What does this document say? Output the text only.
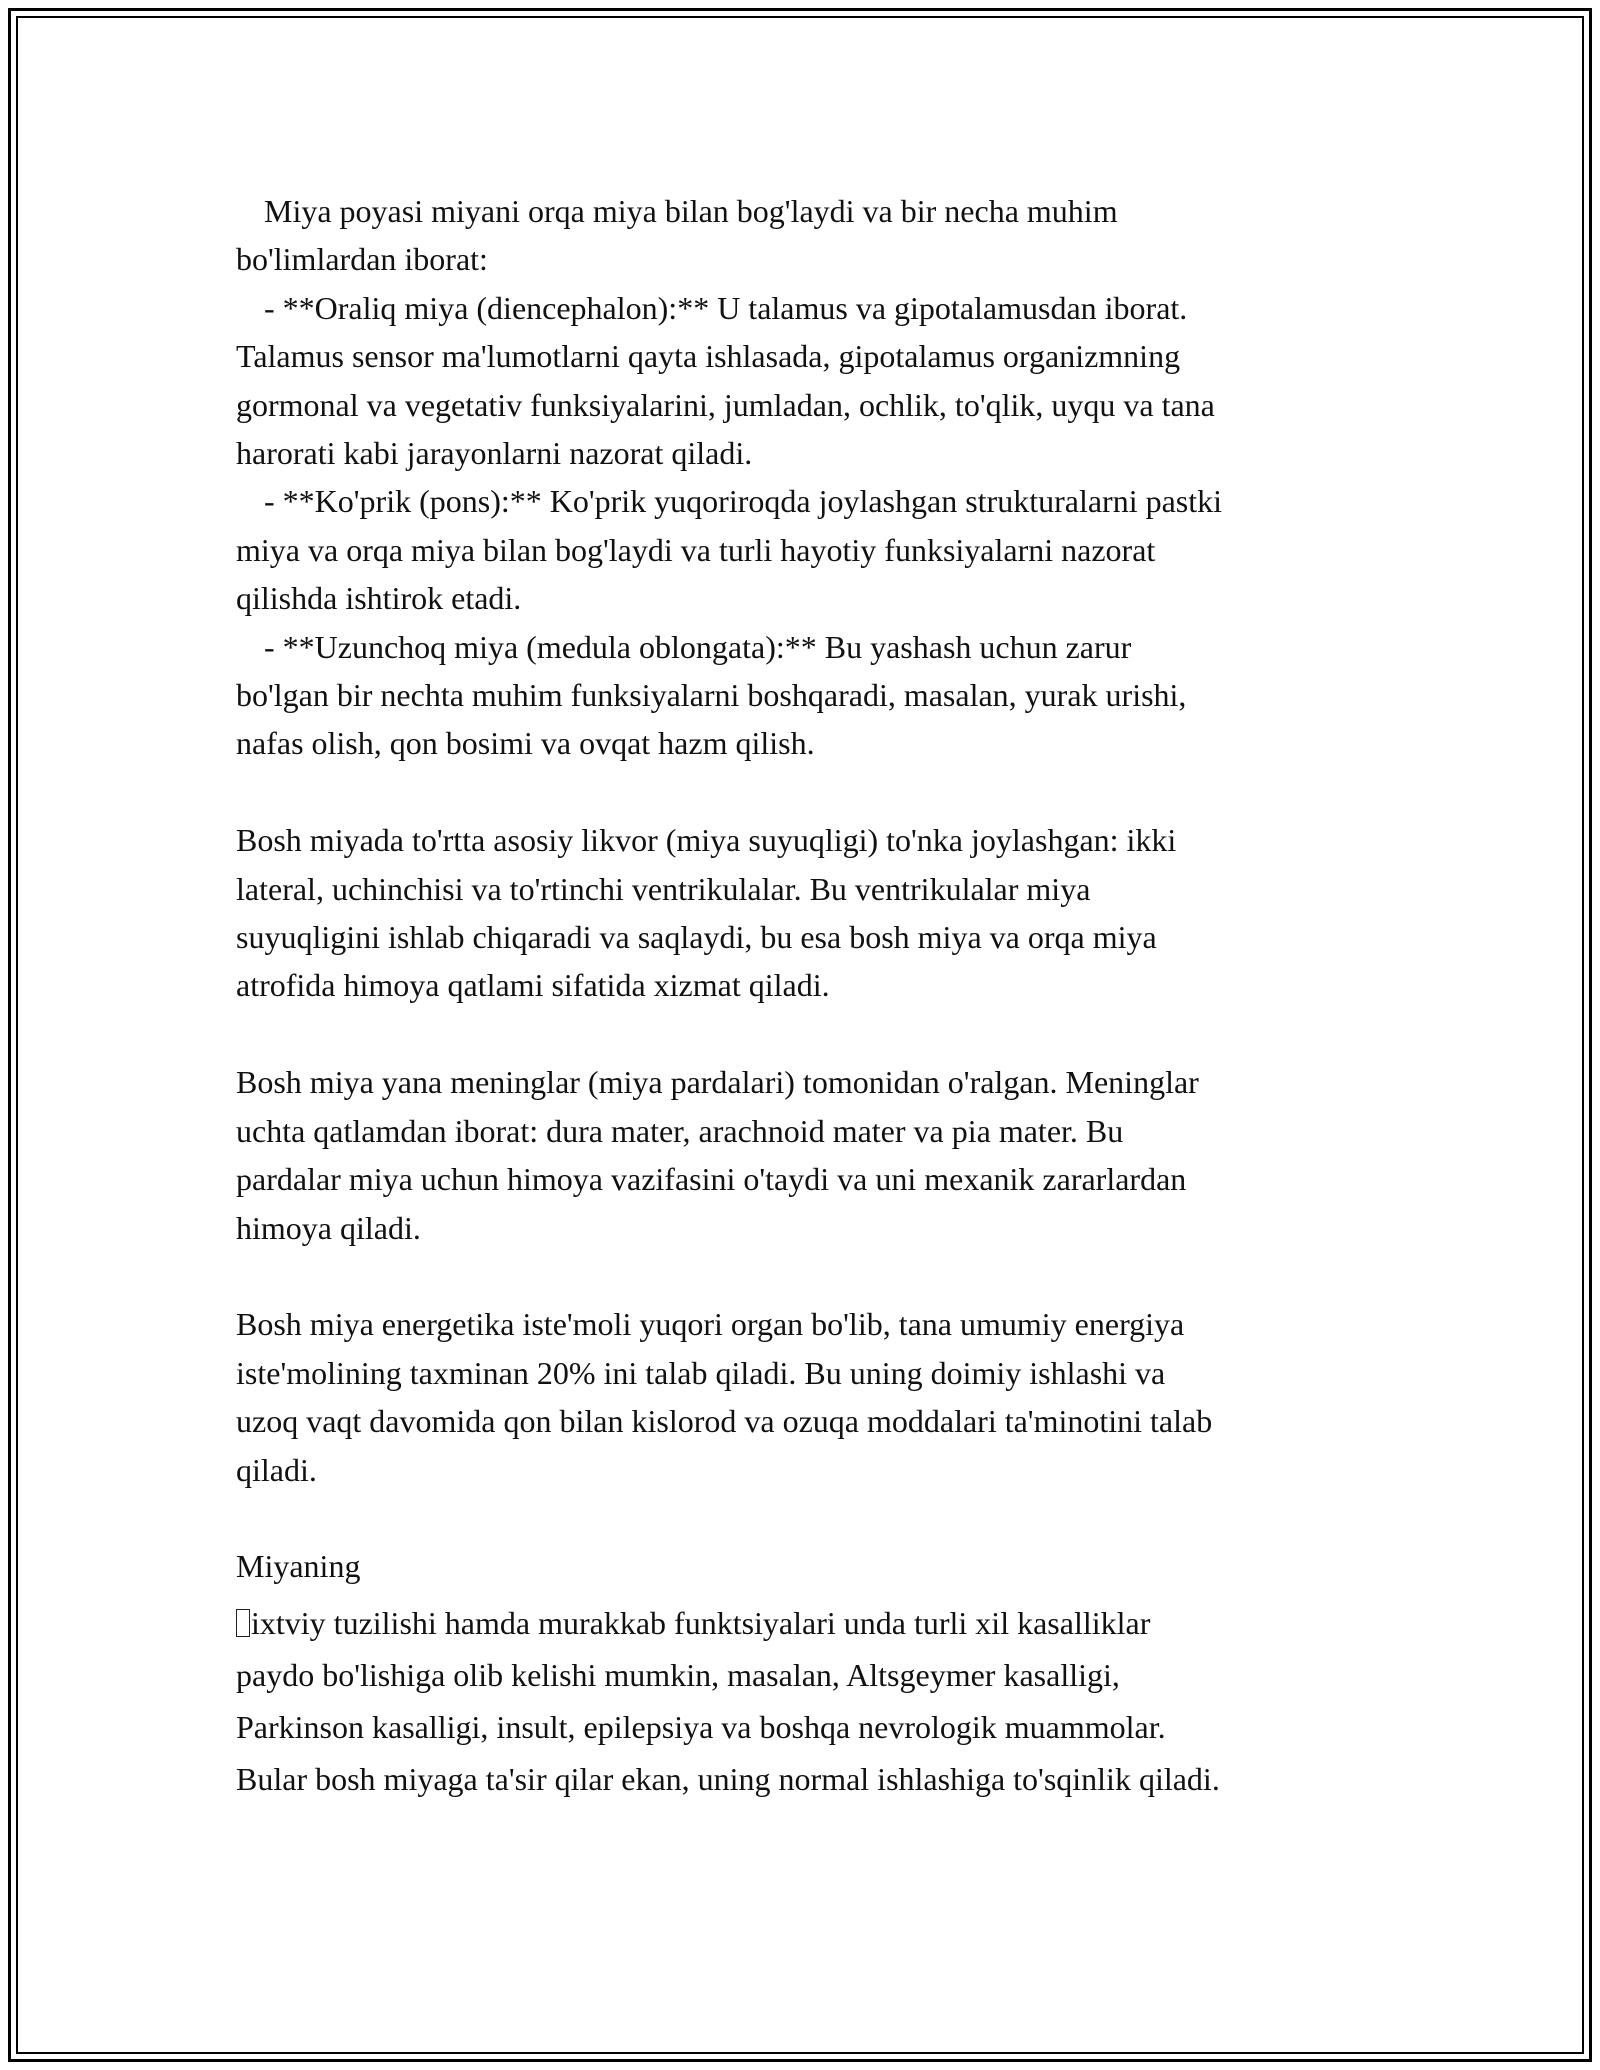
Miya poyasi miyani orqa miya bilan bog'laydi va bir necha muhim
bo'limlardan iborat:
- **Oraliq miya (diencephalon):** U talamus va gipotalamusdan iborat.
Talamus sensor ma'lumotlarni qayta ishlasada, gipotalamus organizmning
gormonal va vegetativ funksiyalarini, jumladan, ochlik, to'qlik, uyqu va tana
harorati kabi jarayonlarni nazorat qiladi.
- **Ko'prik (pons):** Ko'prik yuqoriroqda joylashgan strukturalarni pastki
miya va orqa miya bilan bog'laydi va turli hayotiy funksiyalarni nazorat
qilishda ishtirok etadi.
- **Uzunchoq miya (medula oblongata):** Bu yashash uchun zarur
bo'lgan bir nechta muhim funksiyalarni boshqaradi, masalan, yurak urishi,
nafas olish, qon bosimi va ovqat hazm qilish.
Bosh miyada to'rtta asosiy likvor (miya suyuqligi) to'nka joylashgan: ikki
lateral, uchinchisi va to'rtinchi ventrikulalar. Bu ventrikulalar miya
suyuqligini ishlab chiqaradi va saqlaydi, bu esa bosh miya va orqa miya
atrofida himoya qatlami sifatida xizmat qiladi.
Bosh miya yana meninglar (miya pardalari) tomonidan o'ralgan. Meninglar
uchta qatlamdan iborat: dura mater, arachnoid mater va pia mater. Bu
pardalar miya uchun himoya vazifasini o'taydi va uni mexanik zararlardan
himoya qiladi.
Bosh miya energetika iste'moli yuqori organ bo'lib, tana umumiy energiya
iste'molining taxminan 20% ini talab qiladi. Bu uning doimiy ishlashi va
uzoq vaqt davomida qon bilan kislorod va ozuqa moddalari ta'minotini talab
qiladi.
Miyaning
ixtviy tuzilishi hamda murakkab funktsiyalari unda turli xil kasalliklar
paydo bo'lishiga olib kelishi mumkin, masalan, Altsgeymer kasalligi,
Parkinson kasalligi, insult, epilepsiya va boshqa nevrologik muammolar.
Bular bosh miyaga ta'sir qilar ekan, uning normal ishlashiga to'sqinlik qiladi.
